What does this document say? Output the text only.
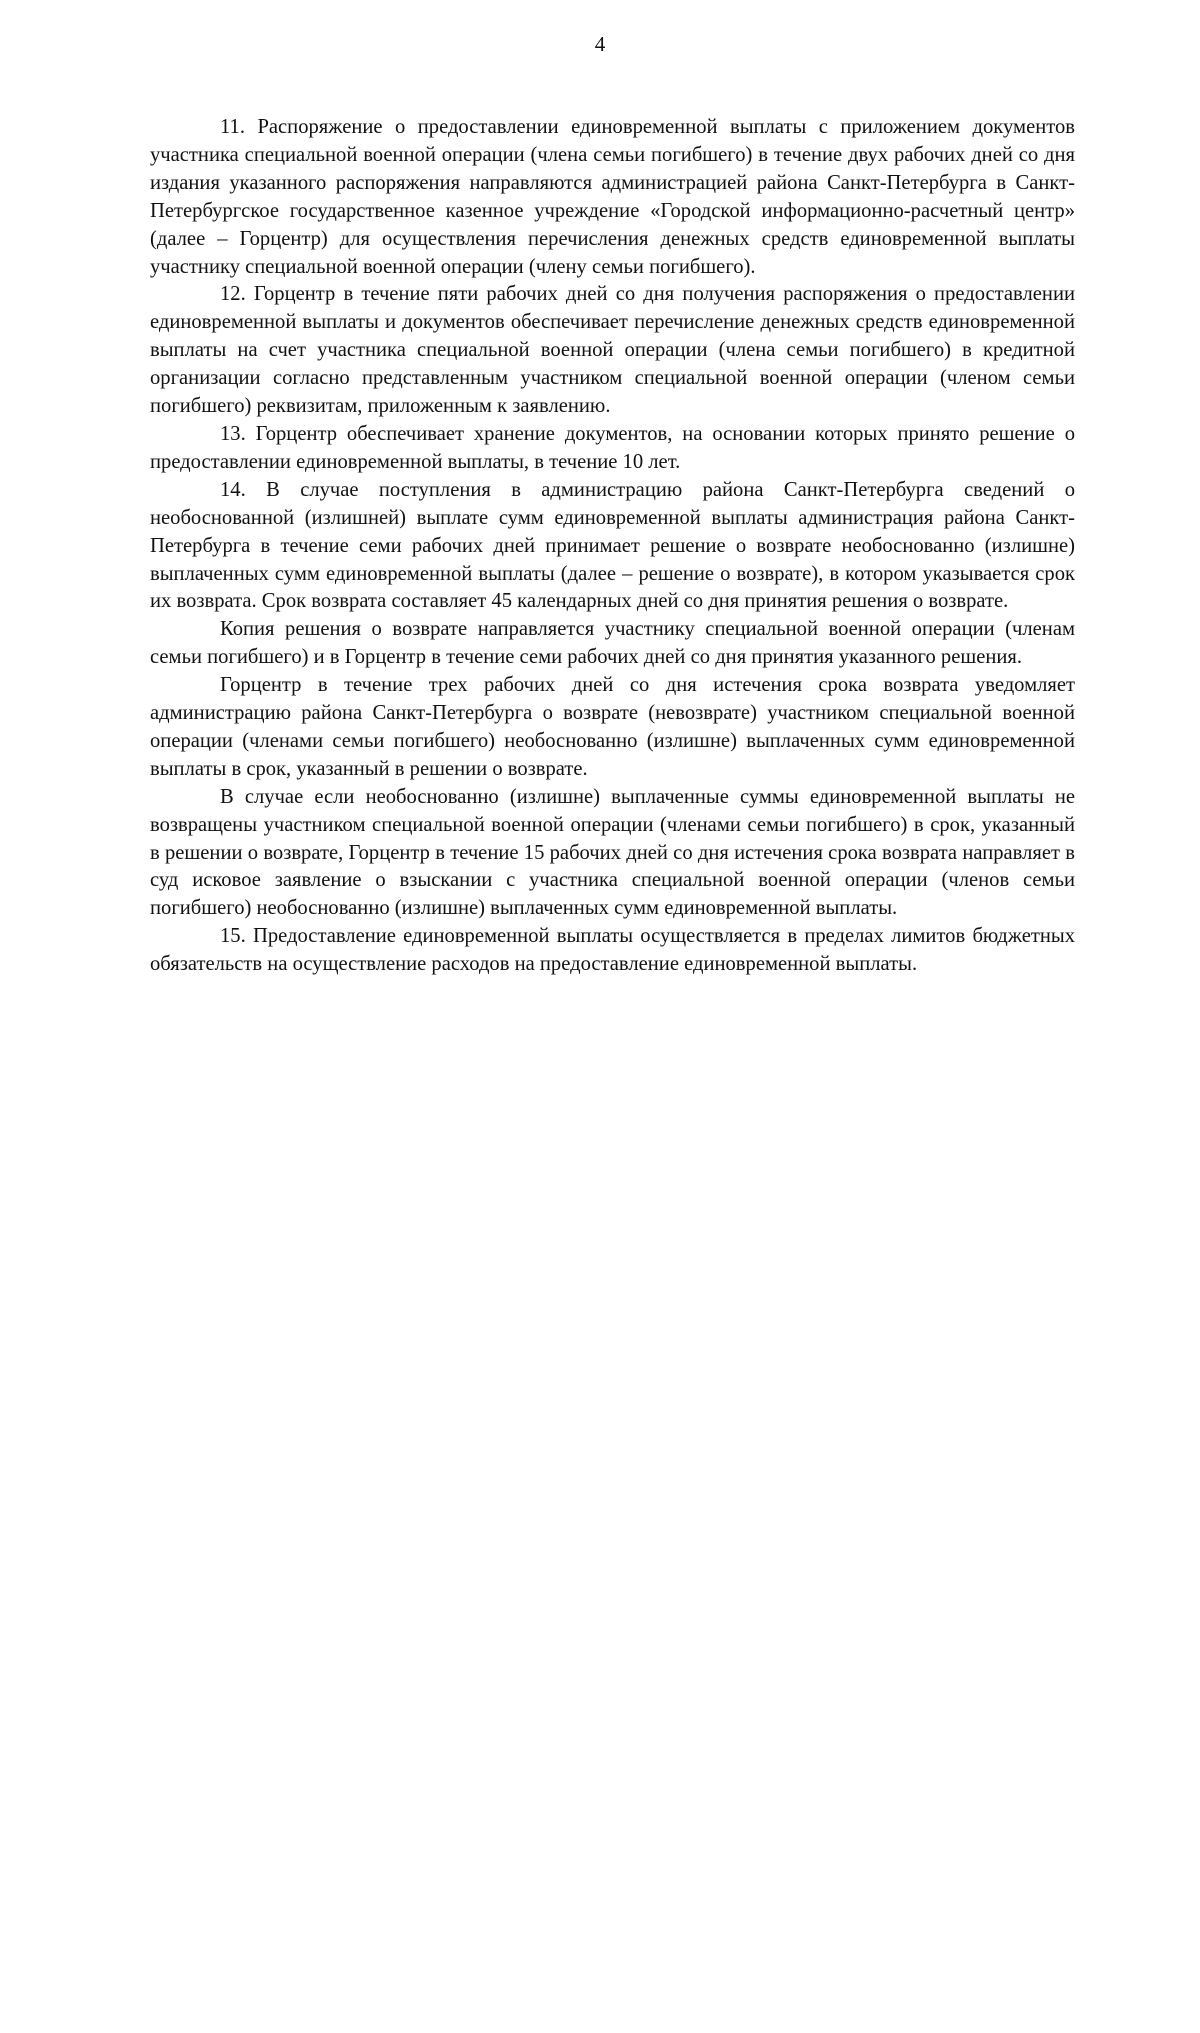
4

11. Распоряжение о предоставлении единовременной выплаты с приложением документов участника специальной военной операции (члена семьи погибшего) в течение двух рабочих дней со дня издания указанного распоряжения направляются администрацией района Санкт-Петербурга в Санкт-Петербургское государственное казенное учреждение «Городской информационно-расчетный центр» (далее – Горцентр) для осуществления перечисления денежных средств единовременной выплаты участнику специальной военной операции (члену семьи погибшего).

12. Горцентр в течение пяти рабочих дней со дня получения распоряжения о предоставлении единовременной выплаты и документов обеспечивает перечисление денежных средств единовременной выплаты на счет участника специальной военной операции (члена семьи погибшего) в кредитной организации согласно представленным участником специальной военной операции (членом семьи погибшего) реквизитам, приложенным к заявлению.

13. Горцентр обеспечивает хранение документов, на основании которых принято решение о предоставлении единовременной выплаты, в течение 10 лет.

14. В случае поступления в администрацию района Санкт-Петербурга сведений о необоснованной (излишней) выплате сумм единовременной выплаты администрация района Санкт-Петербурга в течение семи рабочих дней принимает решение о возврате необоснованно (излишне) выплаченных сумм единовременной выплаты (далее – решение о возврате), в котором указывается срок их возврата. Срок возврата составляет 45 календарных дней со дня принятия решения о возврате.

Копия решения о возврате направляется участнику специальной военной операции (членам семьи погибшего) и в Горцентр в течение семи рабочих дней со дня принятия указанного решения.

Горцентр в течение трех рабочих дней со дня истечения срока возврата уведомляет администрацию района Санкт-Петербурга о возврате (невозврате) участником специальной военной операции (членами семьи погибшего) необоснованно (излишне) выплаченных сумм единовременной выплаты в срок, указанный в решении о возврате.

В случае если необоснованно (излишне) выплаченные суммы единовременной выплаты не возвращены участником специальной военной операции (членами семьи погибшего) в срок, указанный в решении о возврате, Горцентр в течение 15 рабочих дней со дня истечения срока возврата направляет в суд исковое заявление о взыскании с участника специальной военной операции (членов семьи погибшего) необоснованно (излишне) выплаченных сумм единовременной выплаты.

15. Предоставление единовременной выплаты осуществляется в пределах лимитов бюджетных обязательств на осуществление расходов на предоставление единовременной выплаты.
